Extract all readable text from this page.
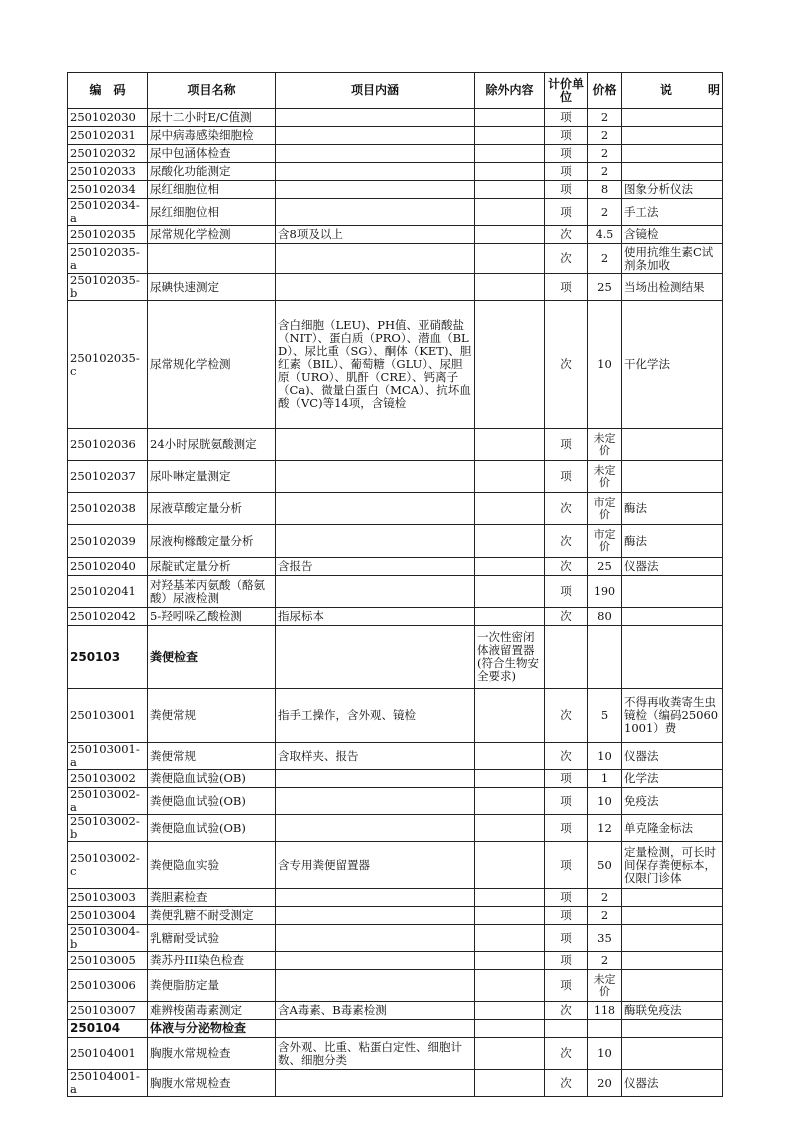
编　码	项目名称	项目内涵	除外内容	计价单位	价格	说 明

250102030	尿十二小时E/C值测			项	2	
250102031	尿中病毒感染细胞检			项	2	
250102032	尿中包涵体检查			项	2	
250102033	尿酸化功能测定			项	2	
250102034	尿红细胞位相			项	8	图象分析仪法
250102034-a	尿红细胞位相			项	2	手工法
250102035	尿常规化学检测	含8项及以上		次	4.5	含镜检
250102035-a				次	2	使用抗维生素C试剂条加收
250102035-b	尿碘快速测定			项	25	当场出检测结果
250102035-c	尿常规化学检测	含白细胞（LEU)、PH值、亚硝酸盐（NIT）、蛋白质（PRO）、潜血（BLD）、尿比重（SG）、酮体（KET)、胆红素（BIL）、葡萄糖（GLU）、尿胆原（URO）、肌酐（CRE）、钙离子（Ca)、微量白蛋白（MCA）、抗坏血酸（VC)等14项，含镜检		次	10	干化学法
250102036	24小时尿胱氨酸测定			项	未定价	
250102037	尿卟啉定量测定			项	未定价	
250102038	尿液草酸定量分析			次	市定价	酶法
250102039	尿液枸橼酸定量分析			次	市定价	酶法
250102040	尿靛甙定量分析	含报告		次	25	仪器法
250102041	对羟基苯丙氨酸（酪氨酸）尿液检测			项	190	
250102042	5-羟吲哚乙酸检测	指尿标本		次	80	
250103	粪便检查		一次性密闭体液留置器(符合生物安全要求)			
250103001	粪便常规	指手工操作，含外观、镜检		次	5	不得再收粪寄生虫镜检（编码250601001）费
250103001-a	粪便常规	含取样夹、报告		次	10	仪器法
250103002	粪便隐血试验(OB)			项	1	化学法
250103002-a	粪便隐血试验(OB)			项	10	免疫法
250103002-b	粪便隐血试验(OB)			项	12	单克隆金标法
250103002-c	粪便隐血实验	含专用粪便留置器		项	50	定量检测，可长时间保存粪便标本，仅限门诊体
250103003	粪胆素检查			项	2	
250103004	粪便乳糖不耐受测定			项	2	
250103004-b	乳糖耐受试验			项	35	
250103005	粪苏丹III染色检查			项	2	
250103006	粪便脂肪定量			项	未定价	
250103007	难辨梭菌毒素测定	含A毒素、B毒素检测		次	118	酶联免疫法
250104	体液与分泌物检查					
250104001	胸腹水常规检查	含外观、比重、粘蛋白定性、细胞计数、细胞分类		次	10	
250104001-a	胸腹水常规检查			次	20	仪器法
